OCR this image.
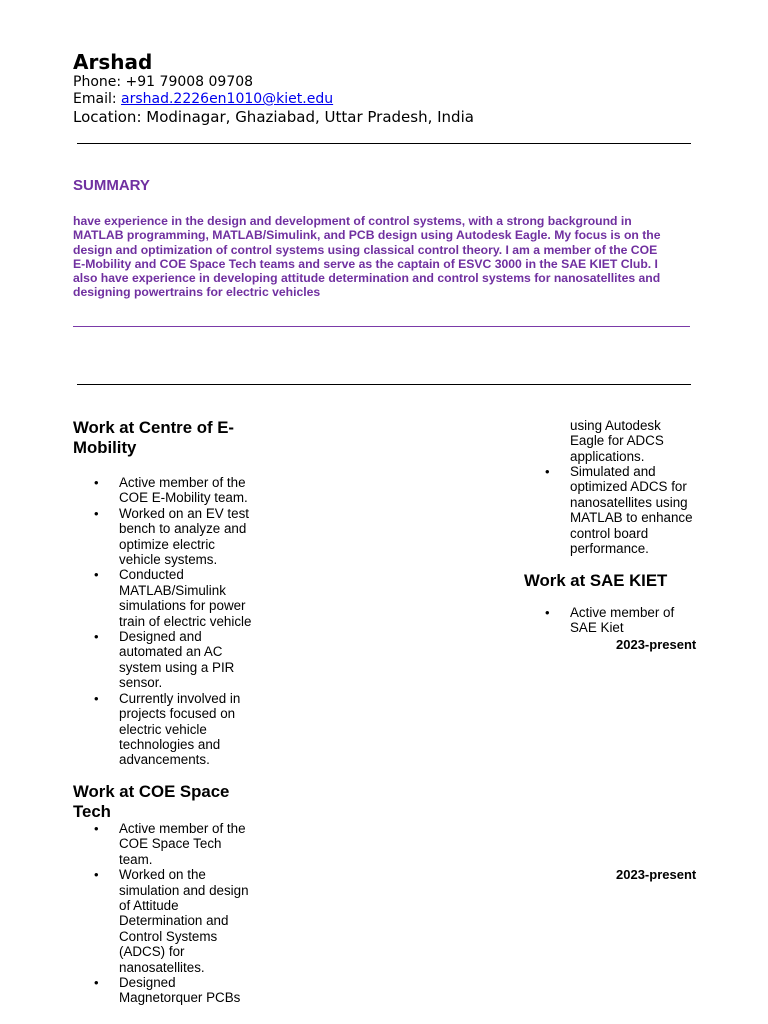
Arshad
Phone: +91 79008 09708
Email: arshad.2226en1010@kiet.edu
Location: Modinagar, Ghaziabad, Uttar Pradesh, India
SUMMARY
have experience in the design and development of control systems, with a strong background in
MATLAB programming, MATLAB/Simulink, and PCB design using Autodesk Eagle. My focus is on the
design and optimization of control systems using classical control theory. I am a member of the COE
E-Mobility and COE Space Tech teams and serve as the captain of ESVC 3000 in the SAE KIET Club. I
also have experience in developing attitude determination and control systems for nanosatellites and
designing powertrains for electric vehicles
Work at Centre of E-
Mobility
• Active member of the
COE E-Mobility team.
• Worked on an EV test
bench to analyze and
optimize electric
vehicle systems.
• Conducted
MATLAB/Simulink
simulations for power
train of electric vehicle
• Designed and
automated an AC
system using a PIR
sensor.
• Currently involved in
projects focused on
electric vehicle
technologies and
advancements.
Work at COE Space
Tech
• Active member of the
COE Space Tech
team.
• Worked on the
simulation and design
of Attitude
Determination and
Control Systems
(ADCS) for
nanosatellites.
• Designed
Magnetorquer PCBs
using Autodesk
Eagle for ADCS
applications.
• Simulated and
optimized ADCS for
nanosatellites using
MATLAB to enhance
control board
performance.
Work at SAE KIET
• Active member of
SAE Kiet
2023-present
2023-present
